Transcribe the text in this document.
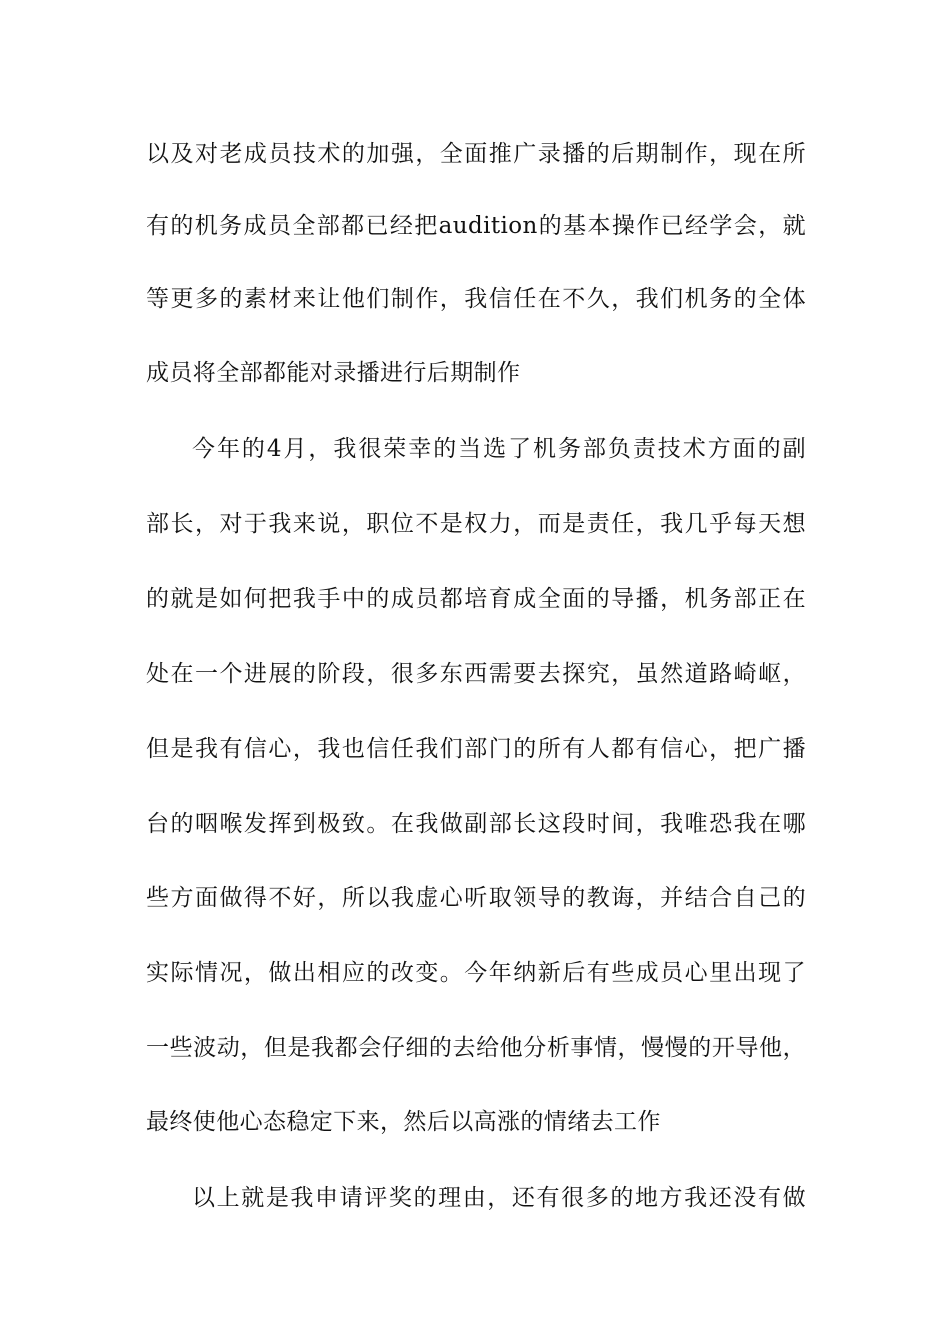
以及对老成员技术的加强，全面推广录播的后期制作，现在所

有的机务成员全部都已经把audition的基本操作已经学会，就

等更多的素材来让他们制作，我信任在不久，我们机务的全体

成员将全部都能对录播进行后期制作

今年的4月，我很荣幸的当选了机务部负责技术方面的副

部长，对于我来说，职位不是权力，而是责任，我几乎每天想

的就是如何把我手中的成员都培育成全面的导播，机务部正在

处在一个进展的阶段，很多东西需要去探究，虽然道路崎岖，

但是我有信心，我也信任我们部门的所有人都有信心，把广播

台的咽喉发挥到极致。在我做副部长这段时间，我唯恐我在哪

些方面做得不好，所以我虚心听取领导的教诲，并结合自己的

实际情况，做出相应的改变。今年纳新后有些成员心里出现了

一些波动，但是我都会仔细的去给他分析事情，慢慢的开导他，

最终使他心态稳定下来，然后以高涨的情绪去工作

以上就是我申请评奖的理由，还有很多的地方我还没有做
